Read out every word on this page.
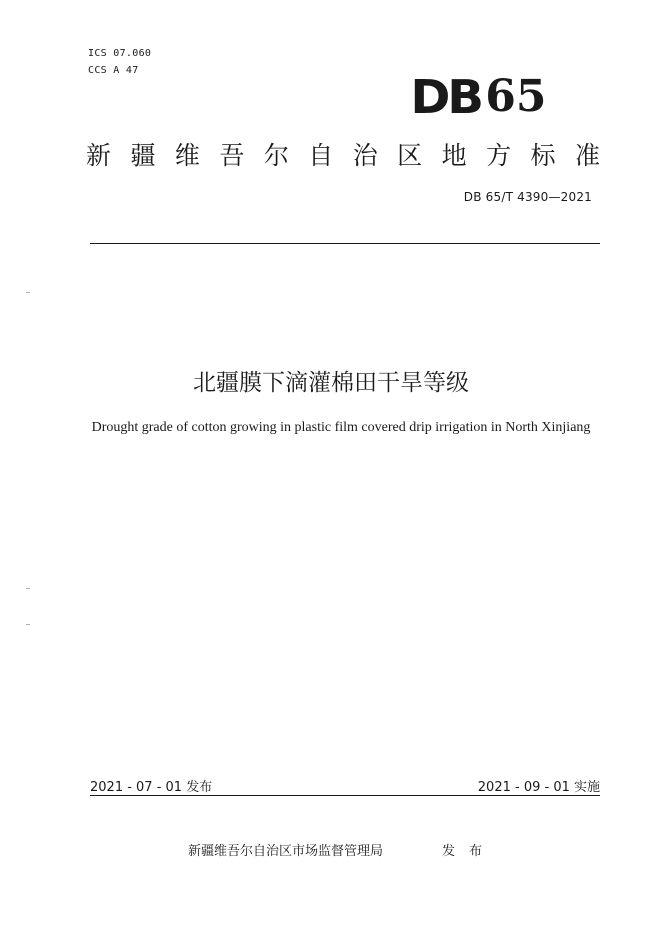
ICS 07.060
CCS A 47	DB 65
新 疆 维 吾 尔 自 治 区 地 方 标 准
DB 65/T 4390—2021
北疆膜下滴灌棉田干旱等级
Drought grade of cotton growing in plastic film covered drip irrigation in North Xinjiang
2021 - 07 - 01 发布	2021 - 09 - 01 实施
新疆维吾尔自治区市场监督管理局	发布
